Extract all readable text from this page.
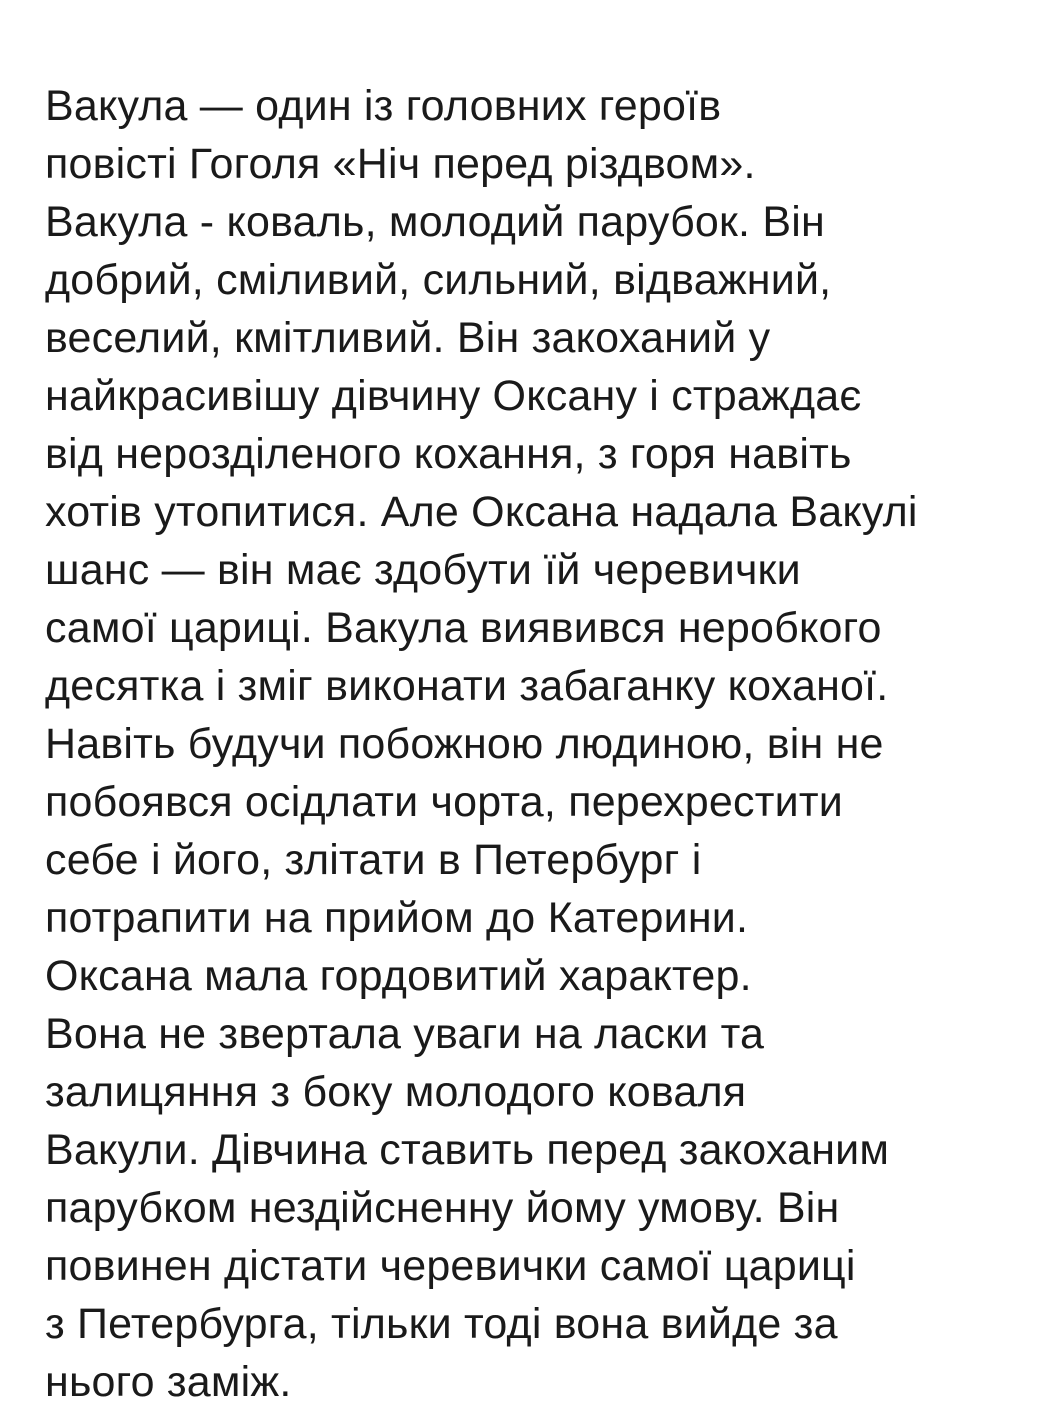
Вакула — один із головних героїв
повісті Гоголя «Ніч перед різдвом».
Вакула - коваль, молодий парубок. Він
добрий, сміливий, сильний, відважний,
веселий, кмітливий. Він закоханий у
найкрасивішу дівчину Оксану і страждає
від нерозділеного кохання, з горя навіть
хотів утопитися. Але Оксана надала Вакулі
шанс — він має здобути їй черевички
самої цариці. Вакула виявився неробкого
десятка і зміг виконати забаганку коханої.
Навіть будучи побожною людиною, він не
побоявся осідлати чорта, перехрестити
себе і його, злітати в Петербург і
потрапити на прийом до Катерини.
Оксана мала гордовитий характер.
Вона не звертала уваги на ласки та
залицяння з боку молодого коваля
Вакули. Дівчина ставить перед закоханим
парубком нездійсненну йому умову. Він
повинен дістати черевички самої цариці
з Петербурга, тільки тоді вона вийде за
нього заміж.
